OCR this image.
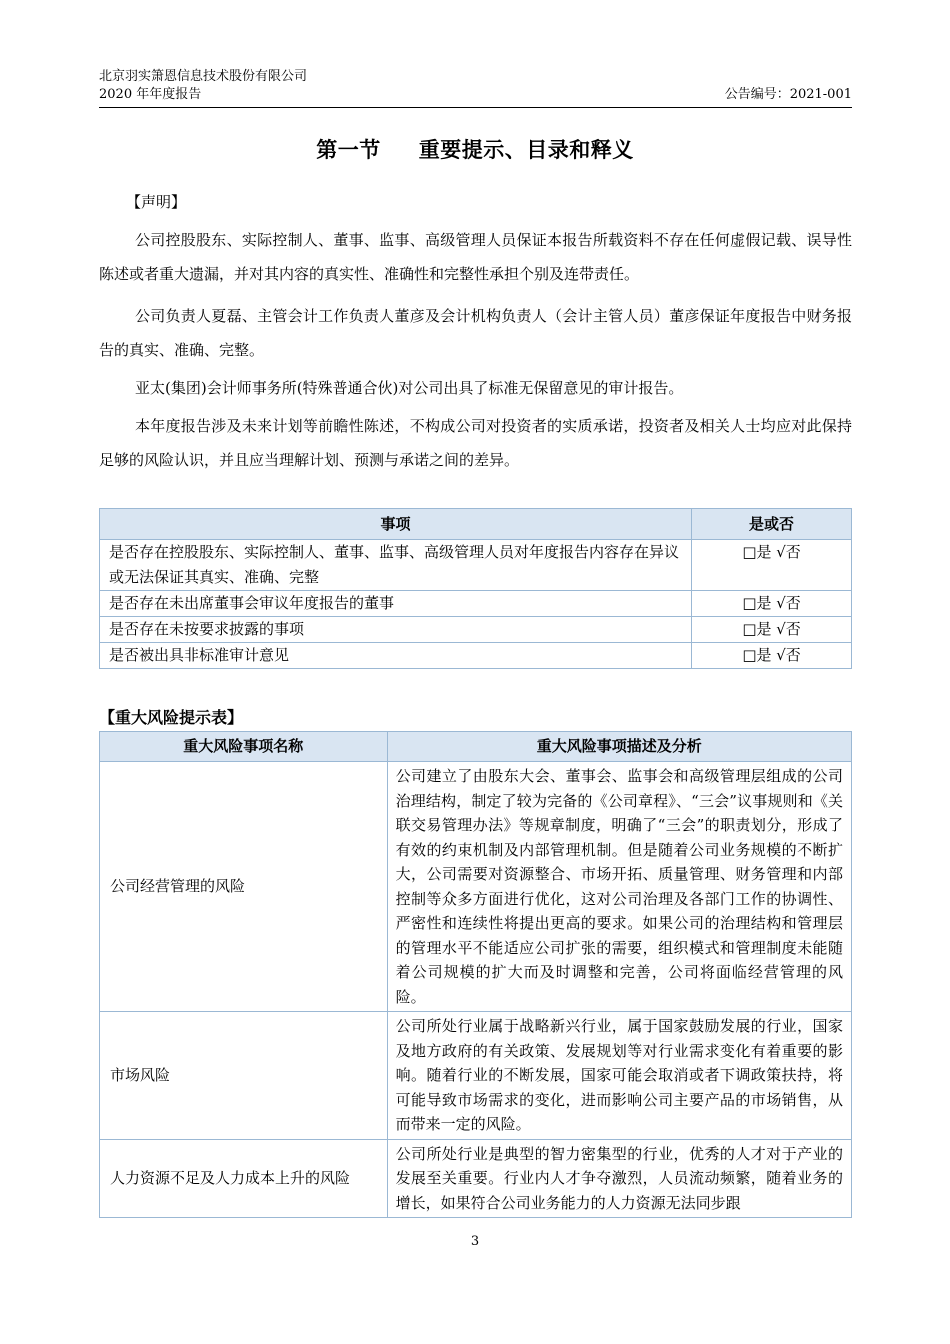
北京羽实箫恩信息技术股份有限公司
2020 年年度报告	公告编号：2021-001
第一节 重要提示、目录和释义
【声明】

公司控股股东、实际控制人、董事、监事、高级管理人员保证本报告所载资料不存在任何虚假记载、误导性陈述或者重大遗漏，并对其内容的真实性、准确性和完整性承担个别及连带责任。

公司负责人夏磊、主管会计工作负责人董彦及会计机构负责人（会计主管人员）董彦保证年度报告中财务报告的真实、准确、完整。

亚太(集团)会计师事务所(特殊普通合伙)对公司出具了标准无保留意见的审计报告。

本年度报告涉及未来计划等前瞻性陈述，不构成公司对投资者的实质承诺，投资者及相关人士均应对此保持足够的风险认识，并且应当理解计划、预测与承诺之间的差异。

事项	是或否
是否存在控股股东、实际控制人、董事、监事、高级管理人员对年度报告内容存在异议或无法保证其真实、准确、完整	□是 √否
是否存在未出席董事会审议年度报告的董事	□是 √否
是否存在未按要求披露的事项	□是 √否
是否被出具非标准审计意见	□是 √否
【重大风险提示表】
重大风险事项名称	重大风险事项描述及分析
公司经营管理的风险	公司建立了由股东大会、董事会、监事会和高级管理层组成的公司治理结构，制定了较为完备的《公司章程》、“三会”议事规则和《关联交易管理办法》等规章制度，明确了“三会”的职责划分，形成了有效的约束机制及内部管理机制。但是随着公司业务规模的不断扩大，公司需要对资源整合、市场开拓、质量管理、财务管理和内部控制等众多方面进行优化，这对公司治理及各部门工作的协调性、严密性和连续性将提出更高的要求。如果公司的治理结构和管理层的管理水平不能适应公司扩张的需要，组织模式和管理制度未能随着公司规模的扩大而及时调整和完善，公司将面临经营管理的风险。
市场风险	公司所处行业属于战略新兴行业，属于国家鼓励发展的行业，国家及地方政府的有关政策、发展规划等对行业需求变化有着重要的影响。随着行业的不断发展，国家可能会取消或者下调政策扶持，将可能导致市场需求的变化，进而影响公司主要产品的市场销售，从而带来一定的风险。
人力资源不足及人力成本上升的风险	公司所处行业是典型的智力密集型的行业，优秀的人才对于产业的发展至关重要。行业内人才争夺激烈，人员流动频繁，随着业务的增长，如果符合公司业务能力的人力资源无法同步跟
3
